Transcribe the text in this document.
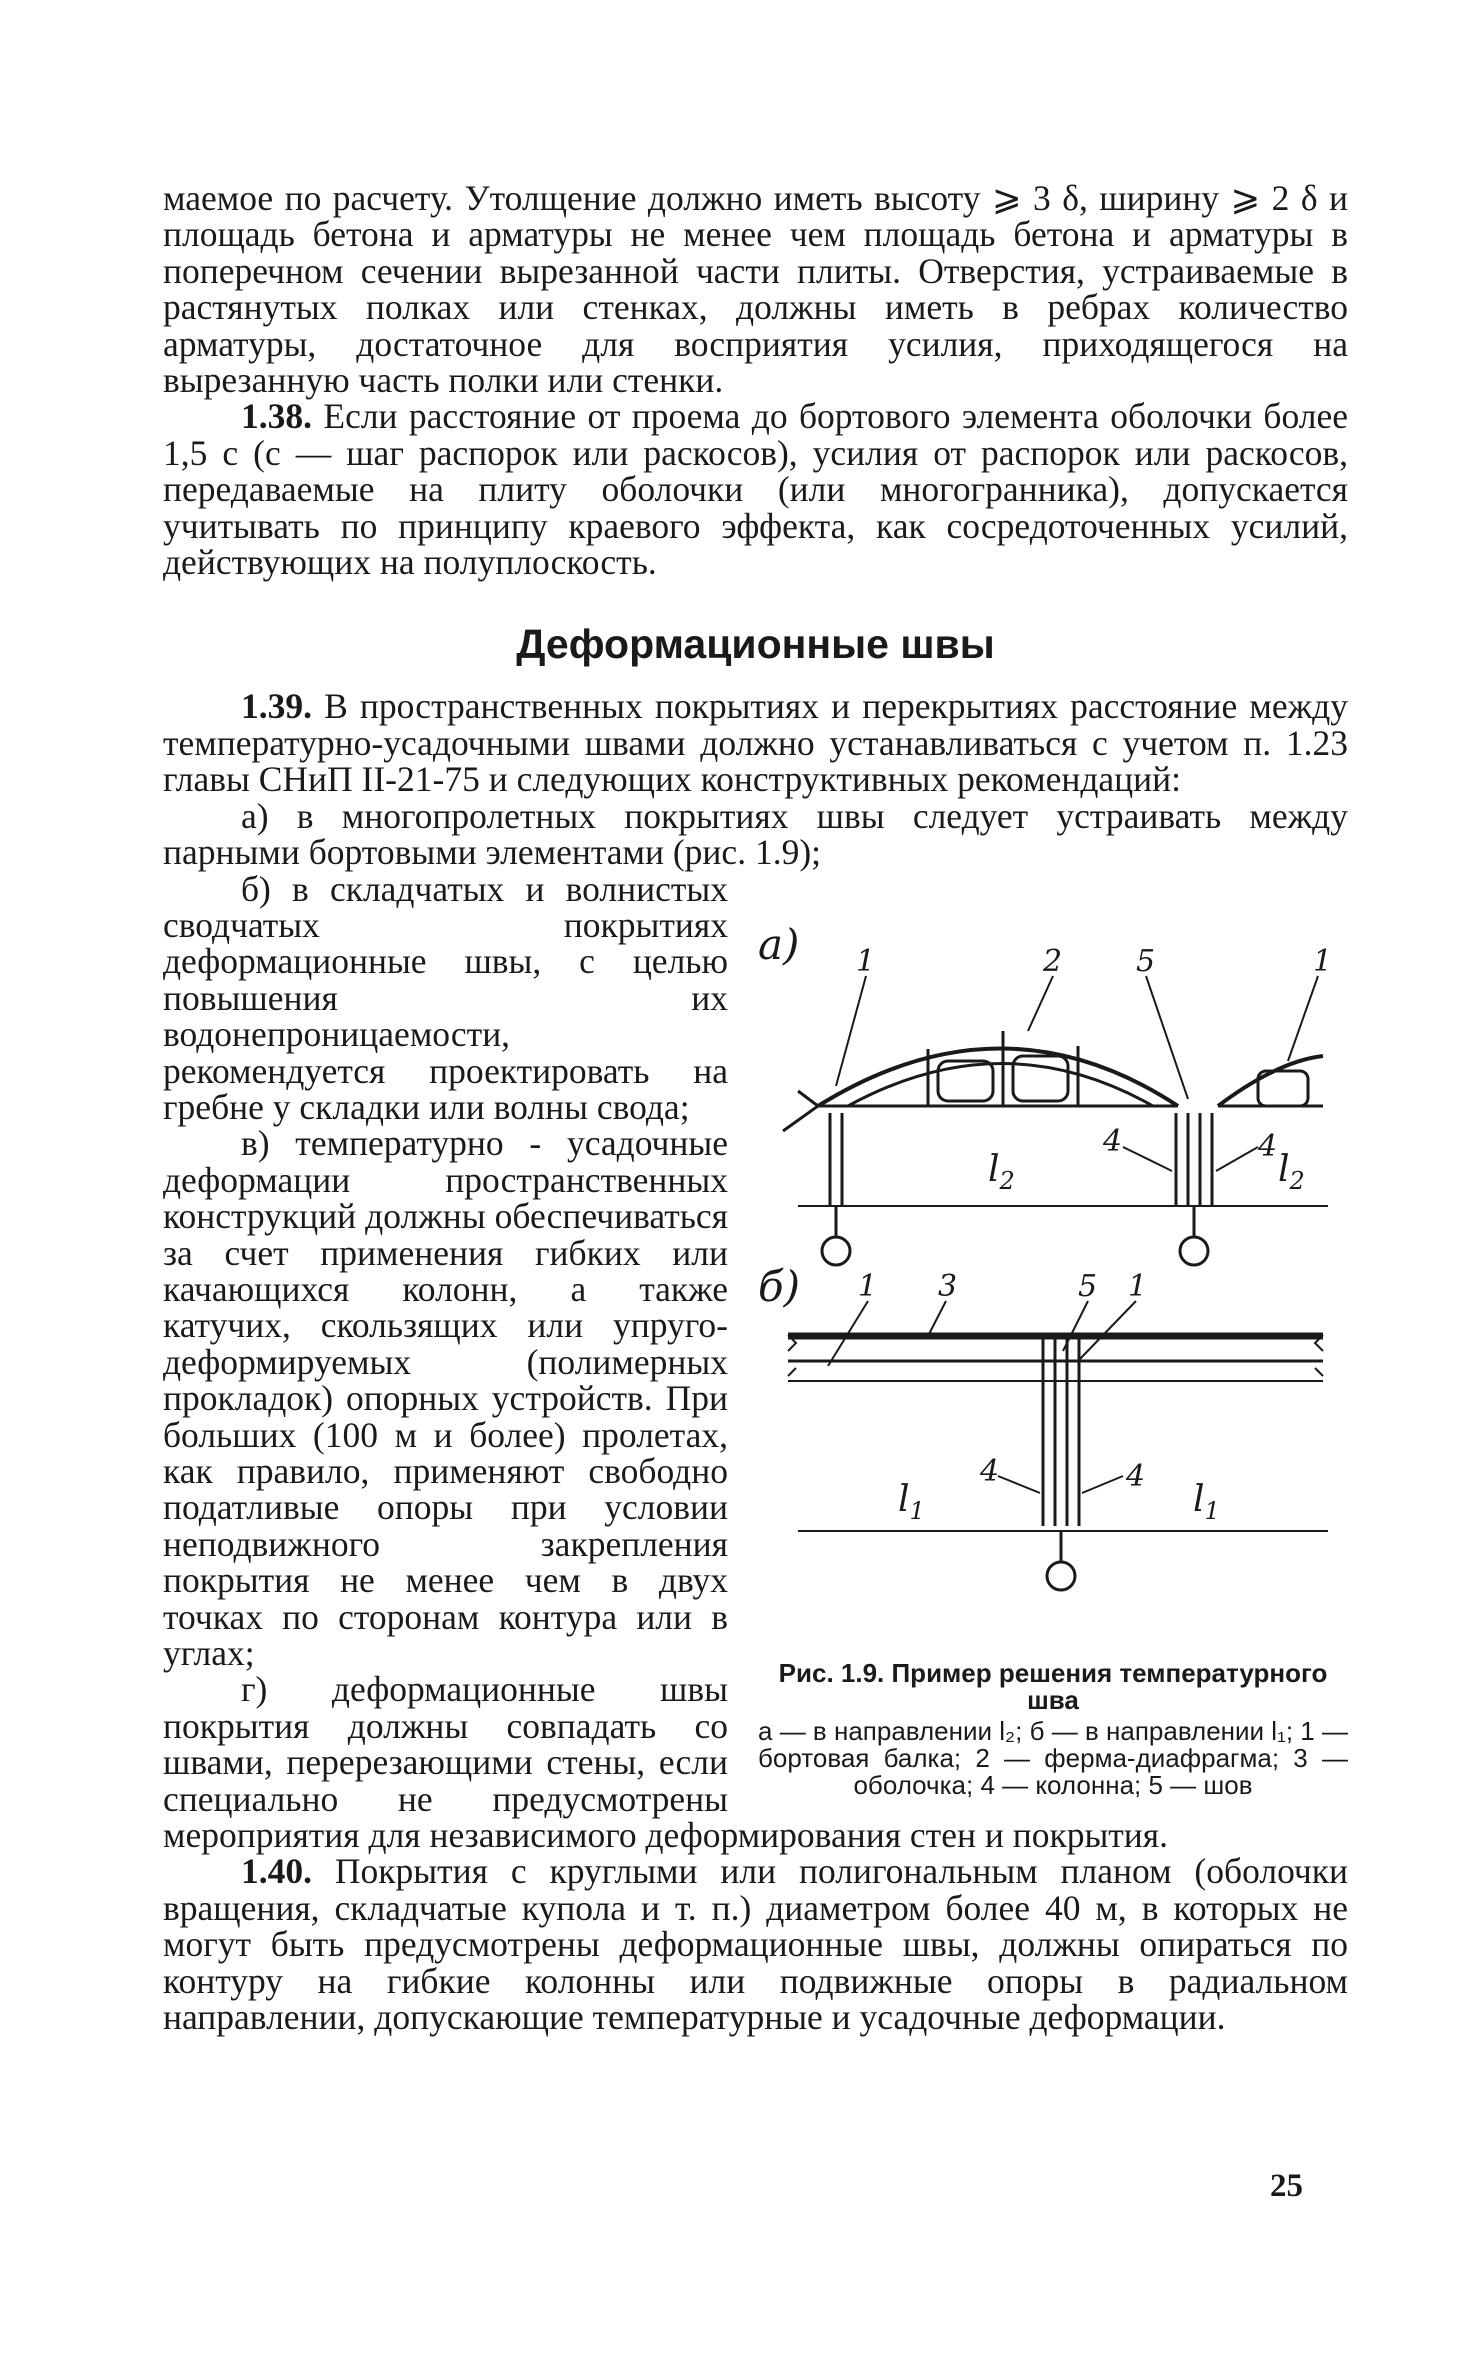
маемое по расчету. Утолщение должно иметь высоту ⩾ 3 δ, ширину ⩾ 2 δ и площадь бетона и арматуры не менее чем площадь бетона и арматуры в поперечном сечении вырезанной части плиты. Отверстия, устраиваемые в растянутых полках или стенках, должны иметь в ребрах количество арматуры, достаточное для восприятия усилия, приходящегося на вырезанную часть полки или стенки.

1.38. Если расстояние от проема до бортового элемента оболочки более 1,5 c (c — шаг распорок или раскосов), усилия от распорок или раскосов, передаваемые на плиту оболочки (или многогранника), допускается учитывать по принципу краевого эффекта, как сосредоточенных усилий, действующих на полуплоскость.

Деформационные швы

1.39. В пространственных покрытиях и перекрытиях расстояние между температурно-усадочными швами должно устанавливаться с учетом п. 1.23 главы СНиП II-21-75 и следующих конструктивных рекомендаций:

а) в многопролетных покрытиях швы следует устраивать между парными бортовыми элементами (рис. 1.9);

а) 1	2 5	1
4	4
$l_2$	$l_2$
б) 1 3	5 1
4	4
$l_1$	$l_1$
Рис. 1.9. Пример решения температурного шва
а — в направлении l₂; б — в направлении l₁; 1 — бортовая балка; 2 — ферма-диафрагма; 3 — оболочка; 4 — колонна; 5 — шов

б) в складчатых и волнистых сводчатых покрытиях деформационные швы, с целью повышения их водонепроницаемости, рекомендуется проектировать на гребне у складки или волны свода;

в) температурно - усадочные деформации пространственных конструкций должны обеспечиваться за счет применения гибких или качающихся колонн, а также катучих, скользящих или упруго-деформируемых (полимерных прокладок) опорных устройств. При больших (100 м и более) пролетах, как правило, применяют свободно податливые опоры при условии неподвижного закрепления покрытия не менее чем в двух точках по сторонам контура или в углах;

г) деформационные швы покрытия должны совпадать со швами, перерезающими стены, если специально не предусмотрены мероприятия для независимого деформирования стен и покрытия.

1.40. Покрытия с круглыми или полигональным планом (оболочки вращения, складчатые купола и т. п.) диаметром более 40 м, в которых не могут быть предусмотрены деформационные швы, должны опираться по контуру на гибкие колонны или подвижные опоры в радиальном направлении, допускающие температурные и усадочные деформации.

25
